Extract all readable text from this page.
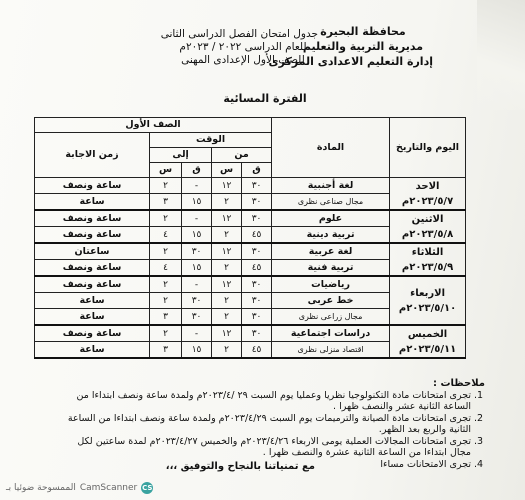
محافظة البحيرة
مديرية التربية والتعليم
إدارة التعليم الاعدادى المركزى
جدول امتحان الفصل الدراسى الثانى
للعام الدراسى ٢٠٢٢ / ٢٠٢٣م
للصف الأول الإعدادى المهنى
الفترة المسائية
اليوم والتاريخ	المادة	الصف الأول				
		الوقت				زمن الاجابة
		من		إلى		
		ق	س	ق	س	

الاحد
٢٠٢٣/٥/٧م	لغة أجنبية	٣٠	١٢	-	٢	ساعة ونصف
	مجال صناعى نظرى	٣٠	٢	١٥	٣	ساعة

الاثنين
٢٠٢٣/٥/٨م	علوم	٣٠	١٢	-	٢	ساعة ونصف
	تربية دينية	٤٥	٢	١٥	٤	ساعة ونصف

الثلاثاء
٢٠٢٣/٥/٩م	لغة عربية	٣٠	١٢	٣٠	٢	ساعتان
	تربية فنية	٤٥	٢	١٥	٤	ساعة ونصف

الاربعاء
٢٠٢٣/٥/١٠م	رياضيات	٣٠	١٢	-	٢	ساعة ونصف
	خط عربى	٣٠	٢	٣٠	٢	ساعة
	مجال زراعى نظرى	٣٠	٢	٣٠	٣	ساعة

الخميس
٢٠٢٣/٥/١١م	دراسات اجتماعية	٣٠	١٢	-	٢	ساعة ونصف
	اقتصاد منزلى نظرى	٤٥	٢	١٥	٣	ساعة
ملاحظات :
1. تجرى امتحانات مادة التكنولوجيا نظريا وعمليا يوم السبت ٢٩ /٢٠٢٣/٤م ولمدة ساعة ونصف ابتداءا من الساعة الثانية عشر والنصف ظهرا .
2. تجرى امتحانات مادة الصيانة والترميمات يوم السبت ٢٠٢٣/٤/٢٩م ولمدة ساعة ونصف ابتداءا من الساعة الثانية والربع بعد الظهر.
3. تجرى امتحانات المجالات العملية يومى الاربعاء ٢٠٢٣/٤/٢٦م والخميس ٢٠٢٣/٤/٢٧م لمدة ساعتين لكل مجال ابتداءا من الساعة الثانية عشرة والنصف ظهرا .
4. تجرى الامتحانات مساءا
مع تمنياتنا بالنجاح والتوفيق ،،،
CS
CamScanner
الممسوحة ضوئيا بـ
